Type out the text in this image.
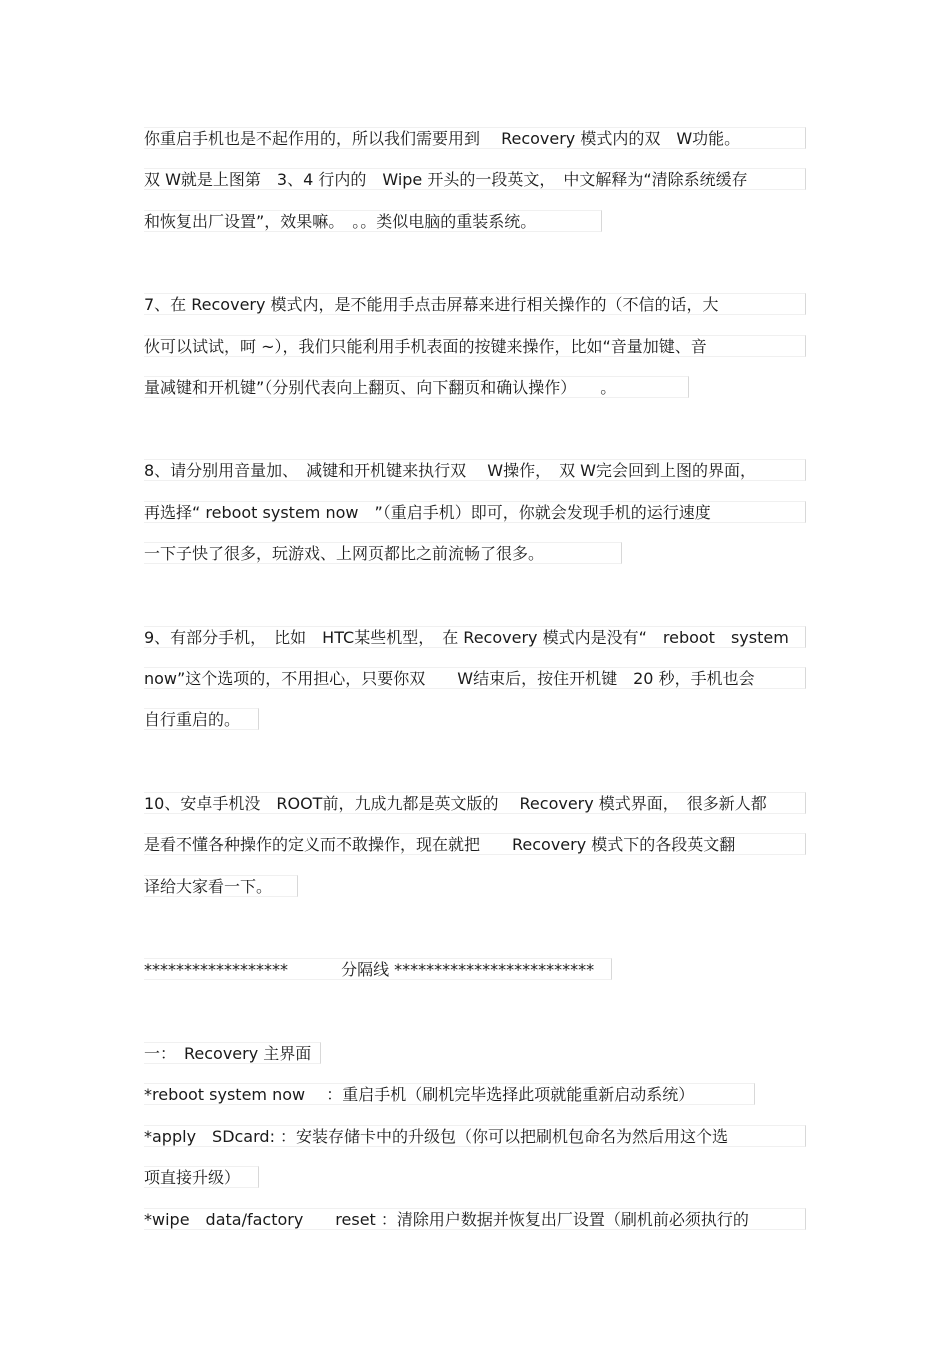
你重启手机也是不起作用的，所以我们需要用到　 Recovery 模式内的双　W功能。
双 W就是上图第　3、4 行内的　Wipe 开头的一段英文，　中文解释为“清除系统缓存
和恢复出厂设置”，效果嘛。　。。类似电脑的重装系统。
7、在 Recovery 模式内，是不能用手点击屏幕来进行相关操作的（不信的话，大
伙可以试试，呵 ~），我们只能利用手机表面的按键来操作，比如“音量加键、音
量减键和开机键”（分别代表向上翻页、向下翻页和确认操作）　　。
8、请分别用音量加、　减键和开机键来执行双　 W操作，　双 W完会回到上图的界面，
再选择“ reboot system now　”（重启手机）即可，你就会发现手机的运行速度
一下子快了很多，玩游戏、上网页都比之前流畅了很多。
9、有部分手机，　比如　HTC某些机型，　在 Recovery 模式内是没有“　reboot　system
now”这个选项的，不用担心，只要你双　　W结束后，按住开机键　20 秒，手机也会
自行重启的。
10、安卓手机没　ROOT前，九成九都是英文版的　 Recovery 模式界面，　很多新人都
是看不懂各种操作的定义而不敢操作，现在就把　　Recovery 模式下的各段英文翻
译给大家看一下。
******************　　　 分隔线 *************************
一：　Recovery 主界面
*reboot system now　 ：重启手机（刷机完毕选择此项就能重新启动系统）
*apply　SDcard: ：安装存储卡中的升级包（你可以把刷机包命名为然后用这个选
项直接升级）
*wipe　data/factory　　reset ：清除用户数据并恢复出厂设置（刷机前必须执行的
